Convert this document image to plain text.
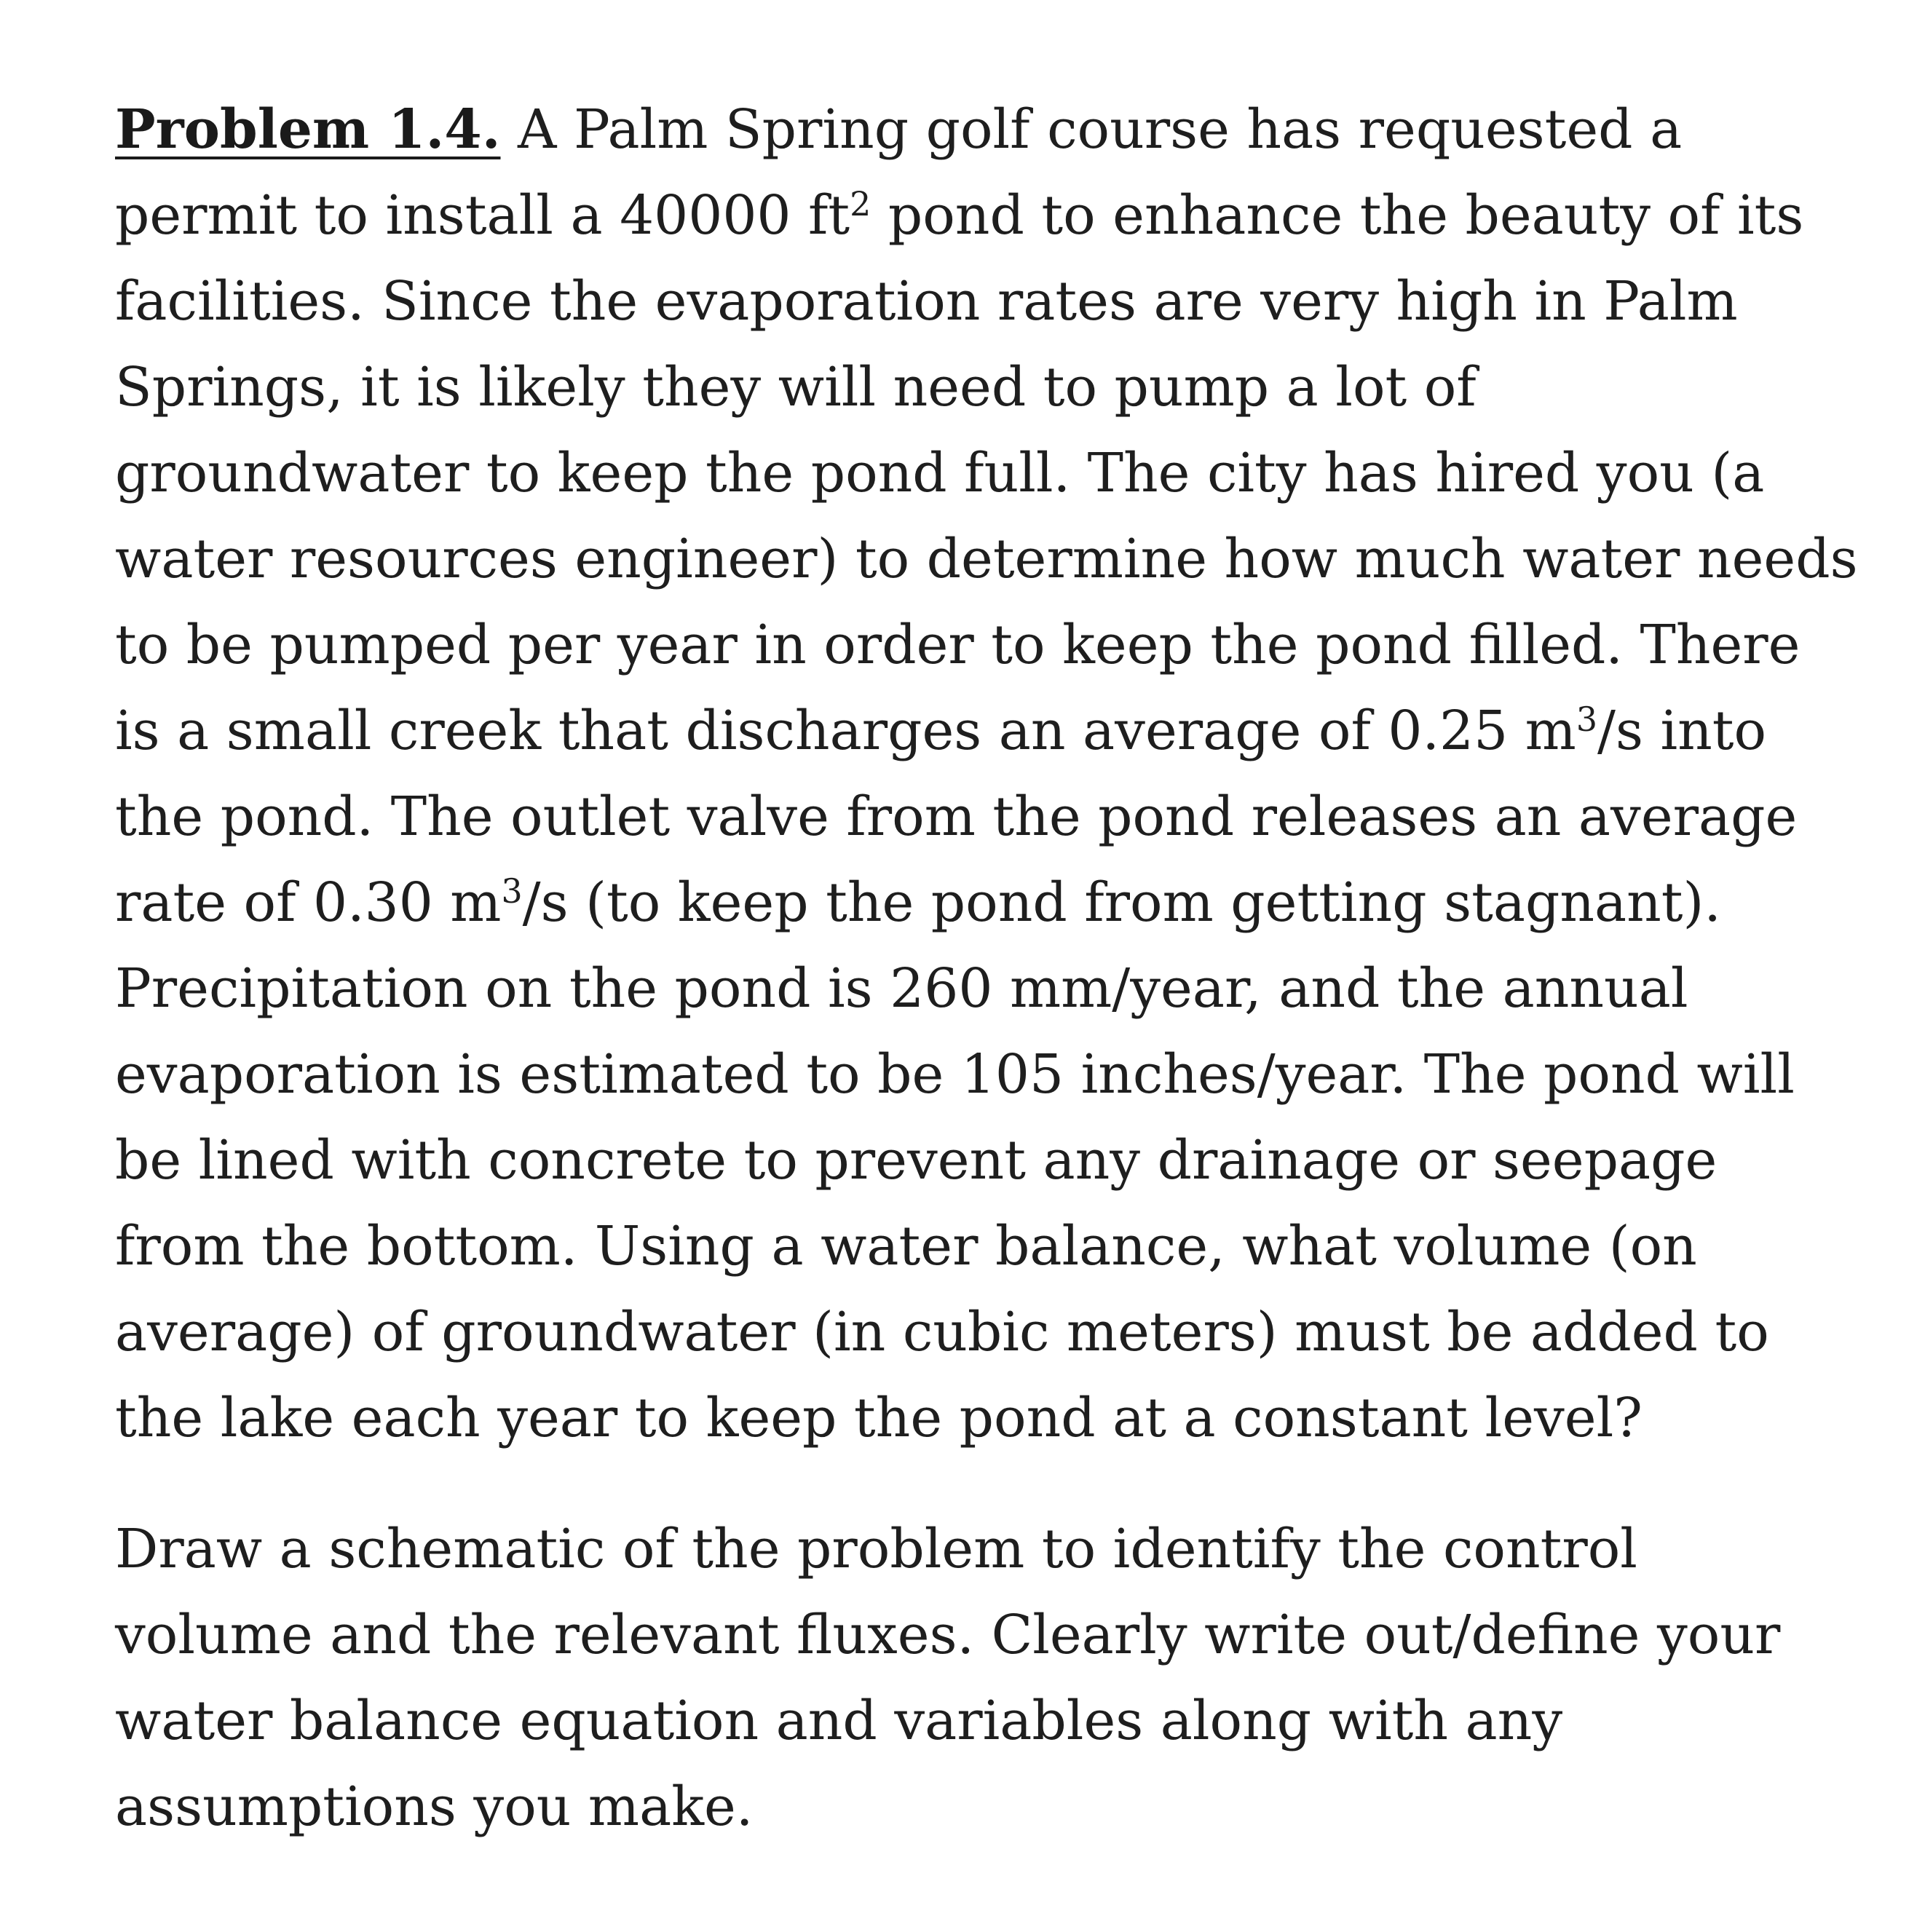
Problem 1.4. A Palm Spring golf course has requested a
permit to install a 40000 $ft^2$ pond to enhance the beauty of its
facilities. Since the evaporation rates are very high in Palm
Springs, it is likely they will need to pump a lot of
groundwater to keep the pond full. The city has hired you (a
water resources engineer) to determine how much water needs
to be pumped per year in order to keep the pond filled. There
is a small creek that discharges an average of 0.25 $m^3/s$ into
the pond. The outlet valve from the pond releases an average
rate of 0.30 $m^3/s$ (to keep the pond from getting stagnant).
Precipitation on the pond is 260 mm/year, and the annual
evaporation is estimated to be 105 inches/year. The pond will
be lined with concrete to prevent any drainage or seepage
from the bottom. Using a water balance, what volume (on
average) of groundwater (in cubic meters) must be added to
the lake each year to keep the pond at a constant level?
Draw a schematic of the problem to identify the control
volume and the relevant fluxes. Clearly write out/define your
water balance equation and variables along with any
assumptions you make.
